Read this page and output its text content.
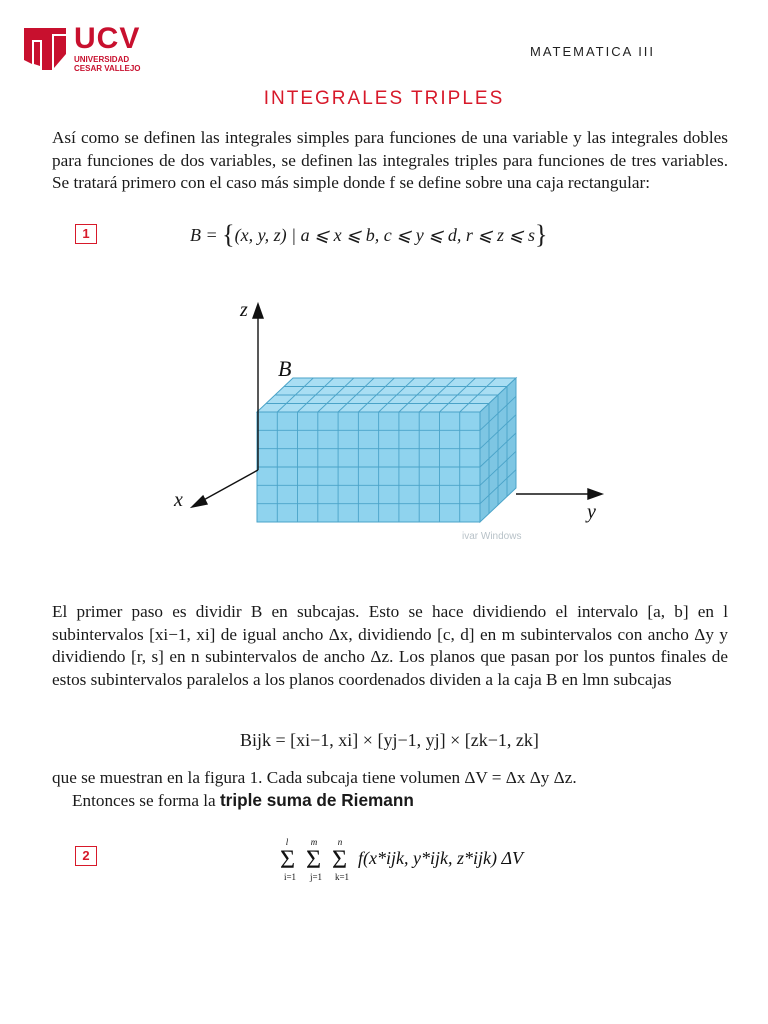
UCV
UNIVERSIDAD
CESAR VALLEJO
MATEMATICA III
INTEGRALES TRIPLES
Así como se definen las integrales simples para funciones de una variable y las integrales dobles para funciones de dos variables, se definen las integrales triples para funciones de tres variables. Se tratará primero con el caso más simple donde f se define sobre una caja rectangular:
1	B = {(x, y, z) | a ⩽ x ⩽ b, c ⩽ y ⩽ d, r ⩽ z ⩽ s}
z
x
y
B
ivar Windows
El primer paso es dividir B en subcajas. Esto se hace dividiendo el intervalo [a, b] en l subintervalos [xi−1, xi] de igual ancho Δx, dividiendo [c, d] en m subintervalos con ancho Δy y dividiendo [r, s] en n subintervalos de ancho Δz. Los planos que pasan por los puntos finales de estos subintervalos paralelos a los planos coordenados dividen a la caja B en lmn subcajas
Bijk = [xi−1, xi] × [yj−1, yj] × [zk−1, zk]
que se muestran en la figura 1. Cada subcaja tiene volumen ΔV = Δx Δy Δz.
Entonces se forma la triple suma de Riemann
2
l
Σ
i=1
m
Σ
j=1
n
Σ
k=1
f(x*ijk, y*ijk, z*ijk) ΔV
